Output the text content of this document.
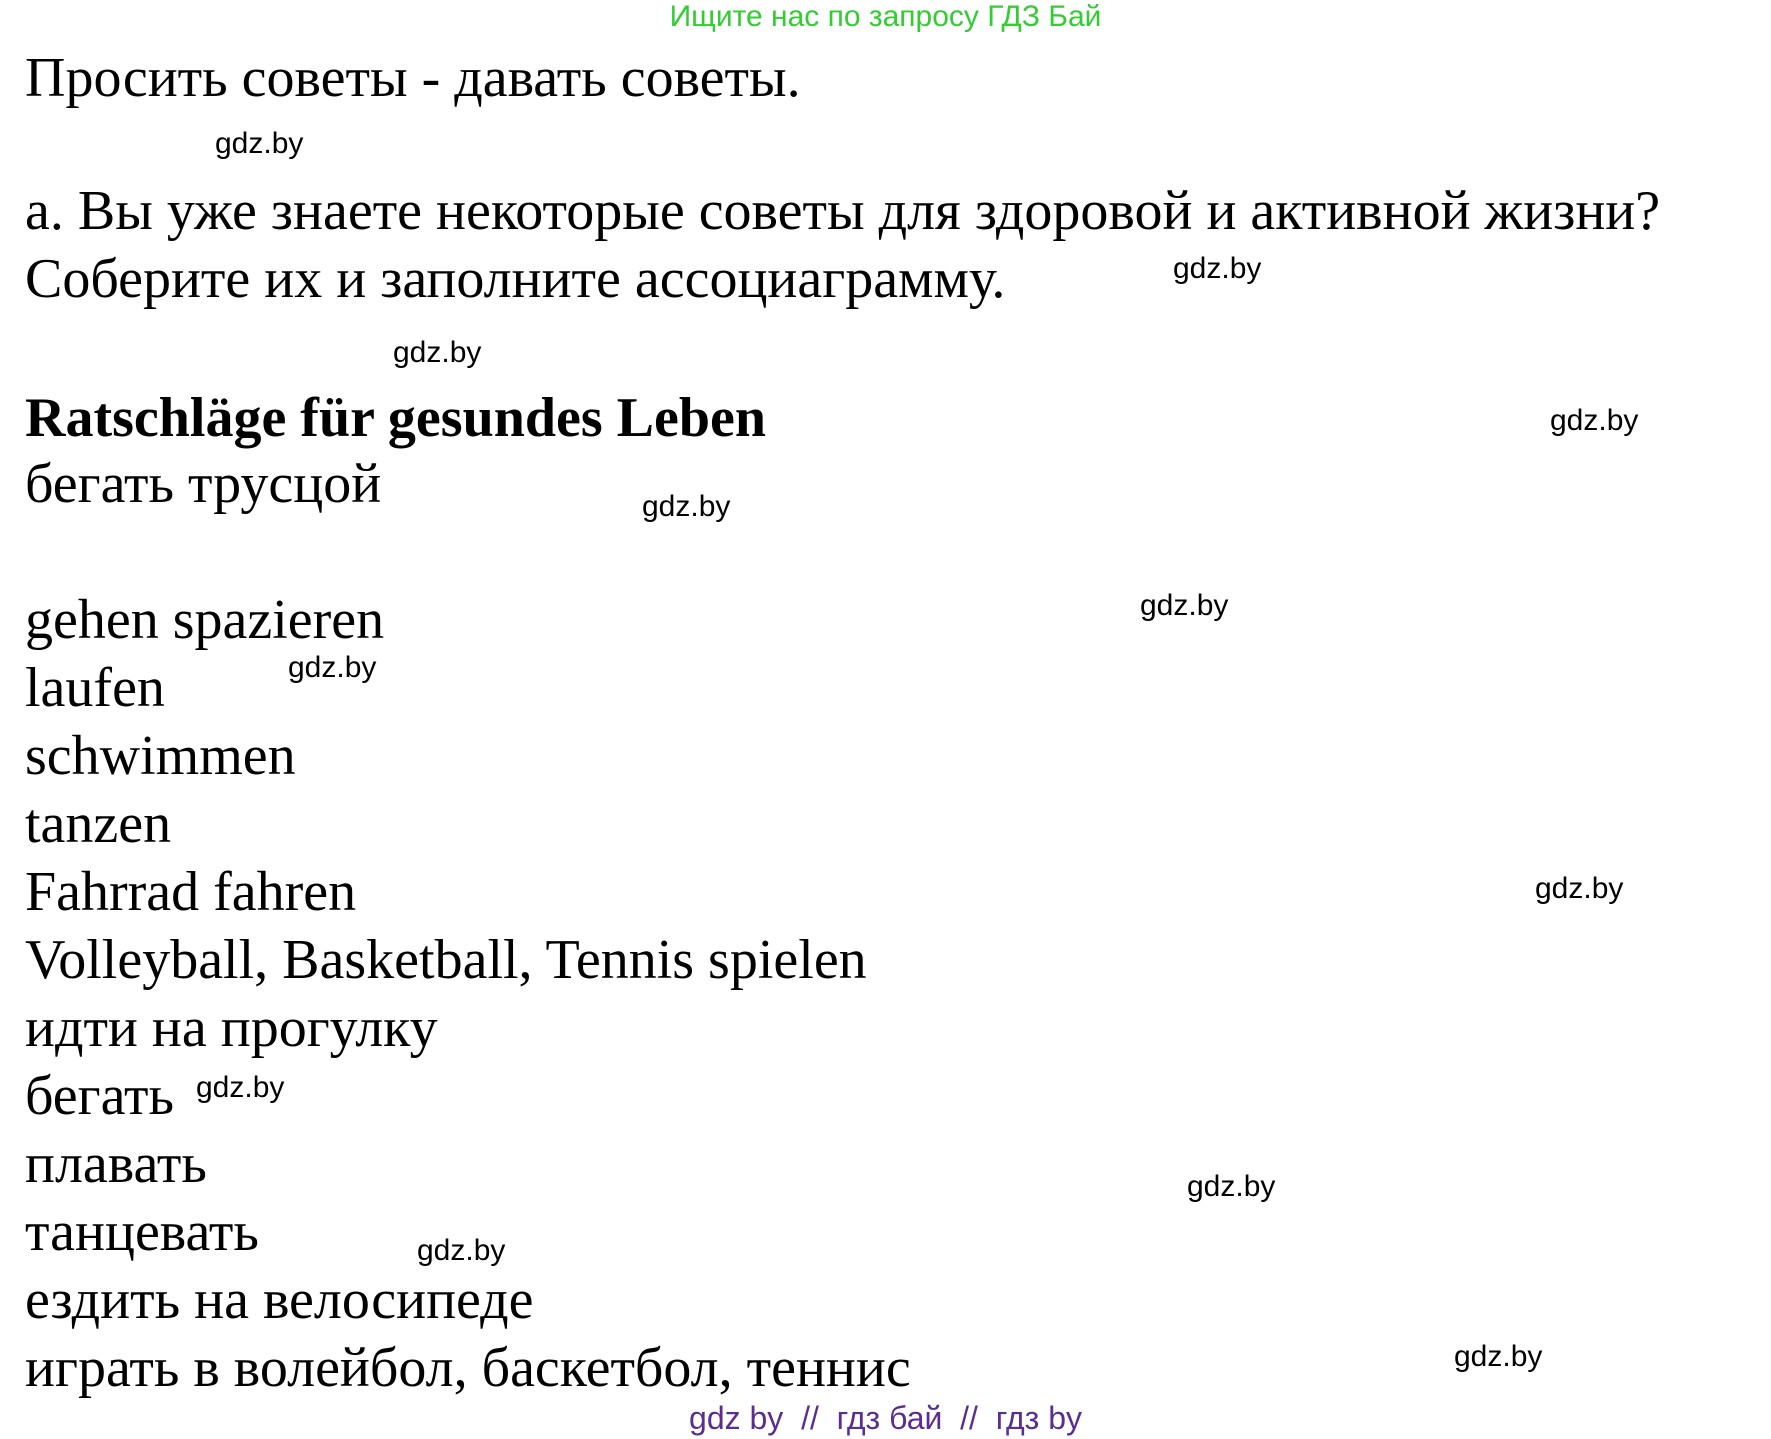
Ищите нас по запросу ГДЗ Бай
Просить советы - давать советы.
а. Вы уже знаете некоторые советы для здоровой и активной жизни?
Соберите их и заполните ассоциаграмму.
Ratschläge für gesundes Leben
бегать трусцой
gehen spazieren
laufen
schwimmen
tanzen
Fahrrad fahren
Volleyball, Basketball, Tennis spielen
идти на прогулку
бегать
плавать
танцевать
ездить на велосипеде
играть в волейбол, баскетбол, теннис
gdz.by
gdz.by
gdz.by
gdz.by
gdz.by
gdz.by
gdz.by
gdz.by
gdz.by
gdz.by
gdz.by
gdz.by
gdz by  //  гдз бай  //  гдз by
